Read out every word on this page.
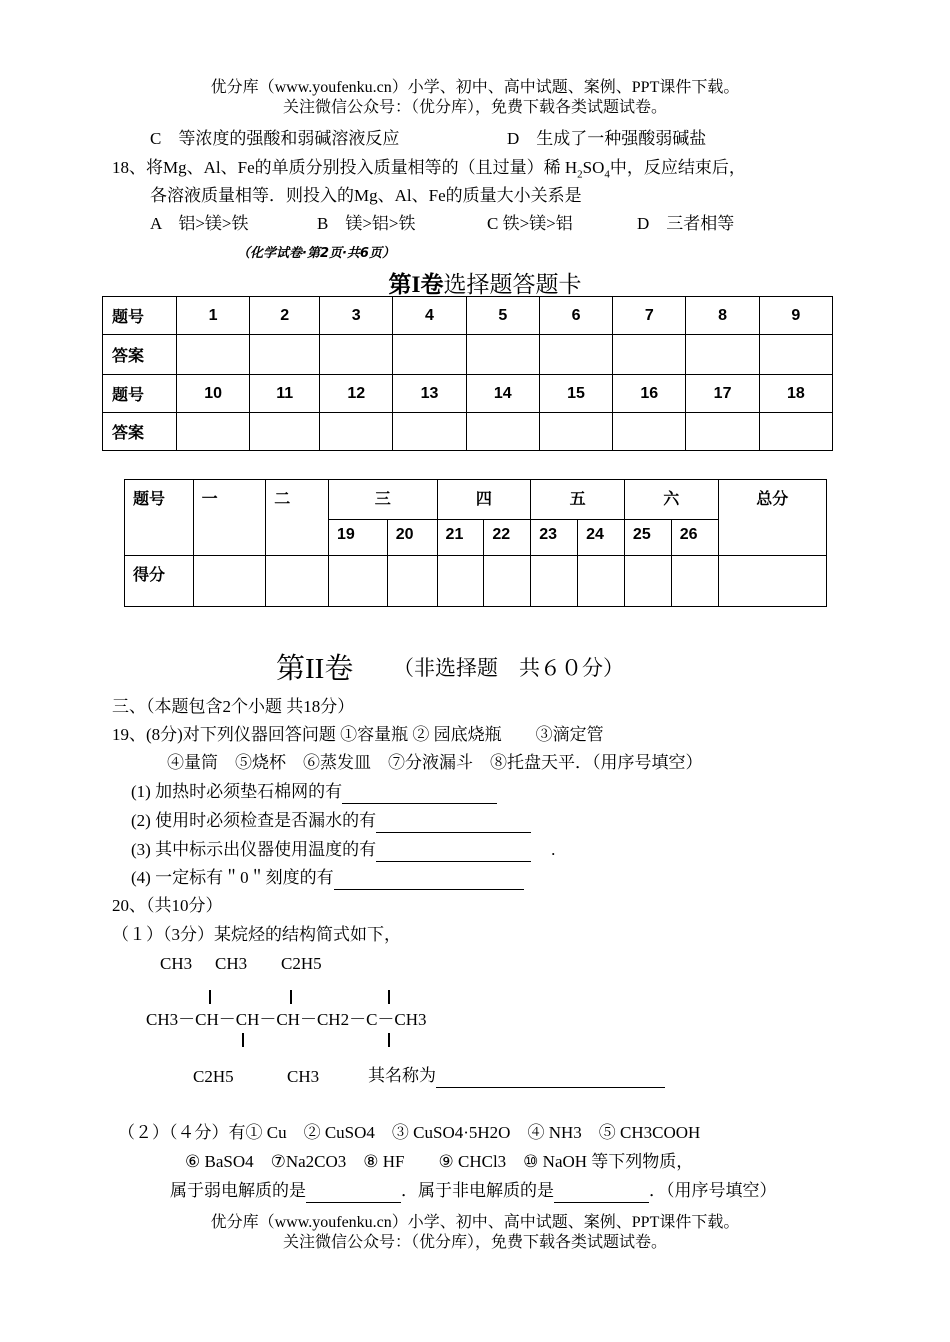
优分库（www.youfenku.cn）小学、初中、高中试题、案例、PPT课件下载。
关注微信公众号：（优分库），免费下载各类试题试卷。
C　等浓度的强酸和弱碱溶液反应	D　生成了一种强酸弱碱盐
18、将Mg、Al、Fe的单质分别投入质量相等的（且过量）稀 $H_2SO_4$中，反应结束后，
各溶液质量相等．则投入的Mg、Al、Fe的质量大小关系是
A　铝>镁>铁	B　镁>铝>铁	C 铁>镁>铝	D　三者相等
（化学试卷·第2页·共6页）
第I卷选择题答题卡
题号	1	2	3	4	5	6	7	8	9
答案									
题号	10	11	12	13	14	15	16	17	18
答案									
题号	一	二	三		四		五		六		总分
			19	20	21	22	23	24	25	26	
得分											
第II卷 （非选择题　共６０分）
三、（本题包含2个小题 共18分）
19、(8分)对下列仪器回答问题 ①容量瓶 ② 园底烧瓶　　③滴定管
④量筒　⑤烧杯　⑥蒸发皿　⑦分液漏斗　⑧托盘天平．（用序号填空）
(1) 加热时必须垫石棉网的有
(2) 使用时必须检查是否漏水的有
(3) 其中标示出仪器使用温度的有	.
(4) 一定标有＂0＂刻度的有
20、（共10分）
（１）（3分）某烷烃的结构简式如下，
CH3 CH3 C2H5
CH3－CH－CH－CH－CH2－C－CH3
C2H5	CH3	其名称为
（２）（４分）有① Cu　② CuSO4　③ CuSO4·5H2O　④ NH3　⑤ CH3COOH
⑥ BaSO4　⑦Na2CO3　⑧ HF　　⑨ CHCl3　⑩ NaOH 等下列物质，
属于弱电解质的是	．属于非电解质的是	．（用序号填空）
优分库（www.youfenku.cn）小学、初中、高中试题、案例、PPT课件下载。
关注微信公众号：（优分库），免费下载各类试题试卷。
